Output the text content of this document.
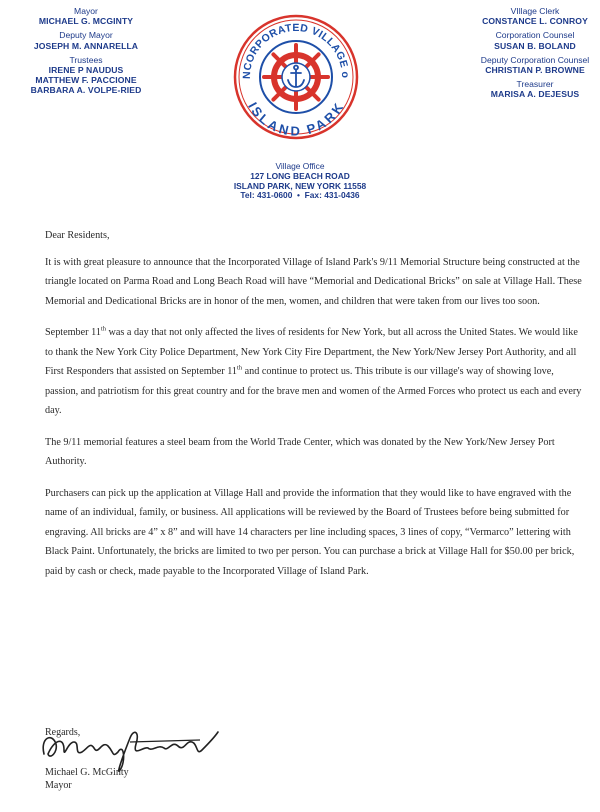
Mayor
MICHAEL G. MCGINTY
Deputy Mayor
JOSEPH M. ANNARELLA
Trustees
IRENE P NAUDUS
MATTHEW F. PACCIONE
BARBARA A. VOLPE-RIED
VIllage Clerk
CONSTANCE L. CONROY
Corporation Counsel
SUSAN B. BOLAND
Deputy Corporation Counsel
CHRISTIAN P. BROWNE
Treasurer
MARISA A. DEJESUS
NCORPORATED VILLAGE o
ISLAND PARK
Village Office
127 LONG BEACH ROAD
ISLAND PARK, NEW YORK 11558
Tel: 431-0600 • Fax: 431-0436

Dear Residents,

It is with great pleasure to announce that the Incorporated Village of Island Park's 9/11 Memorial Structure being constructed at the triangle located on Parma Road and Long Beach Road will have “Memorial and Dedicational Bricks” on sale at Village Hall. These Memorial and Dedicational Bricks are in honor of the men, women, and children that were taken from our lives too soon.

September 11th was a day that not only affected the lives of residents for New York, but all across the United States. We would like to thank the New York City Police Department, New York City Fire Department, the New York/New Jersey Port Authority, and all First Responders that assisted on September 11th and continue to protect us. This tribute is our village's way of showing love, passion, and patriotism for this great country and for the brave men and women of the Armed Forces who protect us each and every day.

The 9/11 memorial features a steel beam from the World Trade Center, which was donated by the New York/New Jersey Port Authority.

Purchasers can pick up the application at Village Hall and provide the information that they would like to have engraved with the name of an individual, family, or business. All applications will be reviewed by the Board of Trustees before being submitted for engraving. All bricks are 4” x 8” and will have 14 characters per line including spaces, 3 lines of copy, “Vermarco” lettering with Black Paint. Unfortunately, the bricks are limited to two per person. You can purchase a brick at Village Hall for $50.00 per brick, paid by cash or check, made payable to the Incorporated Village of Island Park.

Regards,
Michael G. McGinty
Mayor
